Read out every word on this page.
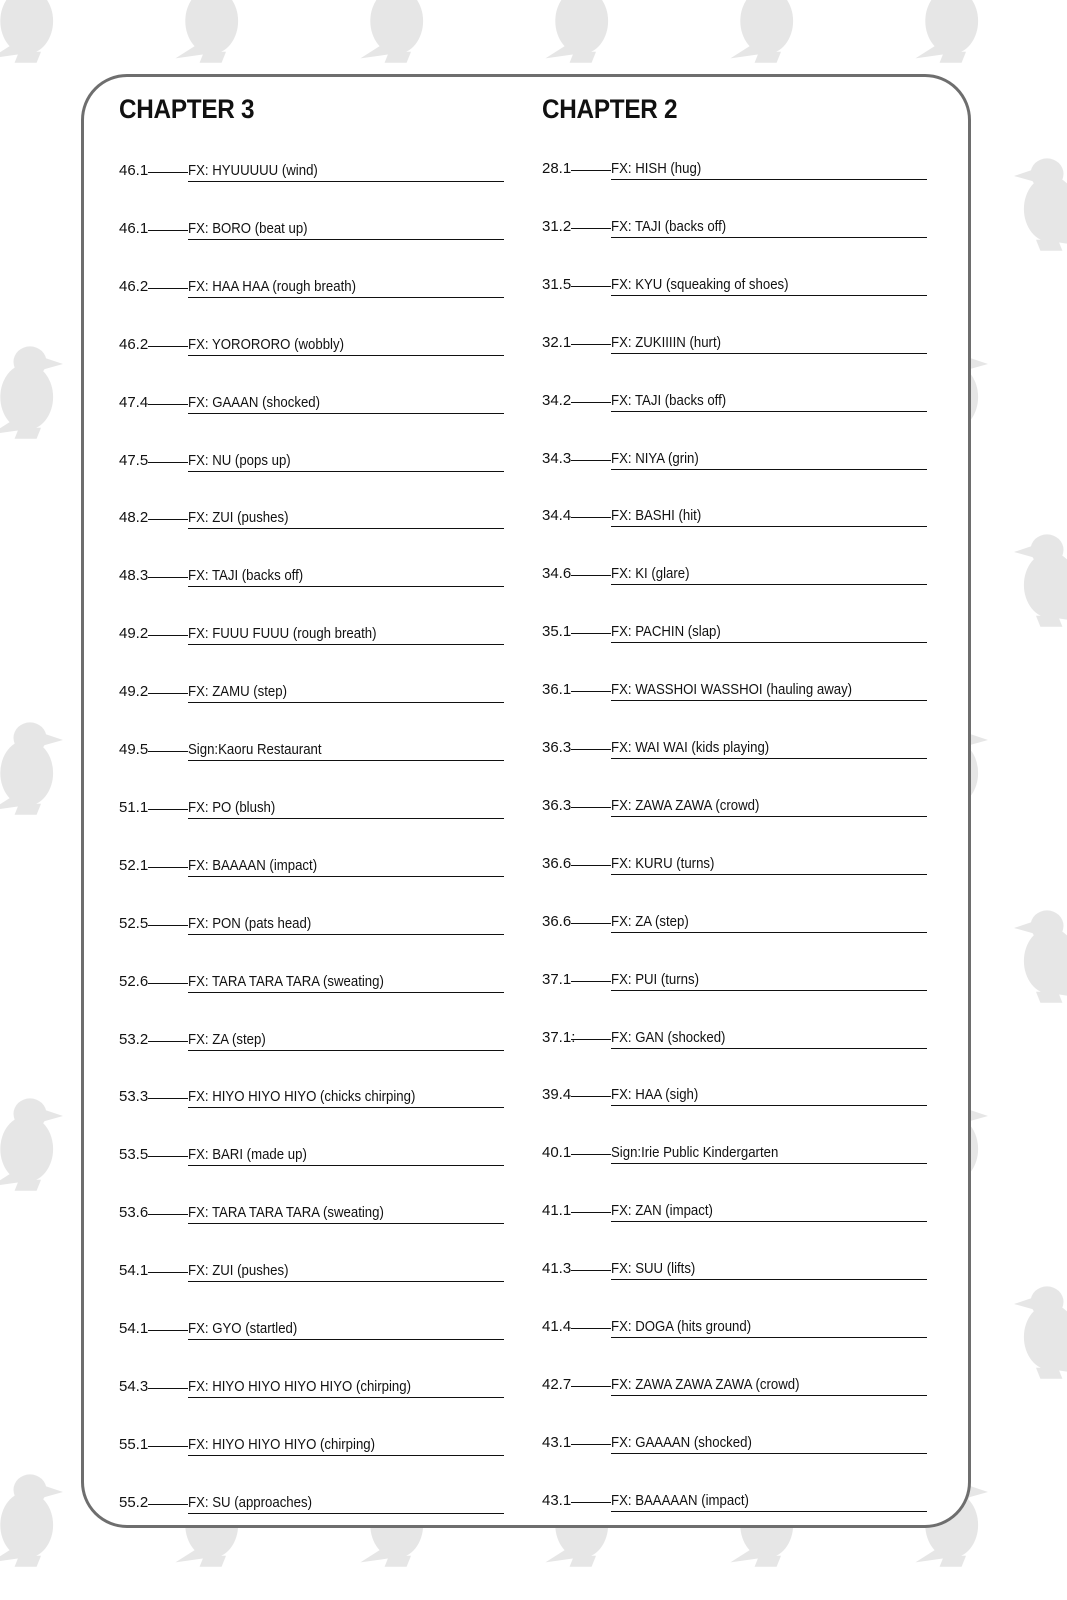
CHAPTER 3
46.1	FX: HYUUUUU (wind)
46.1	FX: BORO (beat up)
46.2	FX: HAA HAA (rough breath)
46.2	FX: YORORORO (wobbly)
47.4	FX: GAAAN (shocked)
47.5	FX: NU (pops up)
48.2	FX: ZUI (pushes)
48.3	FX: TAJI (backs off)
49.2	FX: FUUU FUUU (rough breath)
49.2	FX: ZAMU (step)
49.5	Sign:Kaoru Restaurant
51.1	FX: PO (blush)
52.1	FX: BAAAAN (impact)
52.5	FX: PON (pats head)
52.6	FX: TARA TARA TARA (sweating)
53.2	FX: ZA (step)
53.3	FX: HIYO HIYO HIYO (chicks chirping)
53.5	FX: BARI (made up)
53.6	FX: TARA TARA TARA (sweating)
54.1	FX: ZUI (pushes)
54.1	FX: GYO (startled)
54.3	FX: HIYO HIYO HIYO HIYO (chirping)
55.1	FX: HIYO HIYO HIYO (chirping)
55.2	FX: SU (approaches)
CHAPTER 2
28.1	FX: HISH (hug)
31.2	FX: TAJI (backs off)
31.5	FX: KYU (squeaking of shoes)
32.1	FX: ZUKIIIIN (hurt)
34.2	FX: TAJI (backs off)
34.3	FX: NIYA (grin)
34.4	FX: BASHI (hit)
34.6	FX: KI (glare)
35.1	FX: PACHIN (slap)
36.1	FX: WASSHOI WASSHOI (hauling away)
36.3	FX: WAI WAI (kids playing)
36.3	FX: ZAWA ZAWA (crowd)
36.6	FX: KURU (turns)
36.6	FX: ZA (step)
37.1	FX: PUI (turns)
37.1: FX: GAN (shocked)
39.4	FX: HAA (sigh)
40.1	Sign:Irie Public Kindergarten
41.1	FX: ZAN (impact)
41.3	FX: SUU (lifts)
41.4	FX: DOGA (hits ground)
42.7	FX: ZAWA ZAWA ZAWA (crowd)
43.1	FX: GAAAAN (shocked)
43.1	FX: BAAAAAN (impact)
